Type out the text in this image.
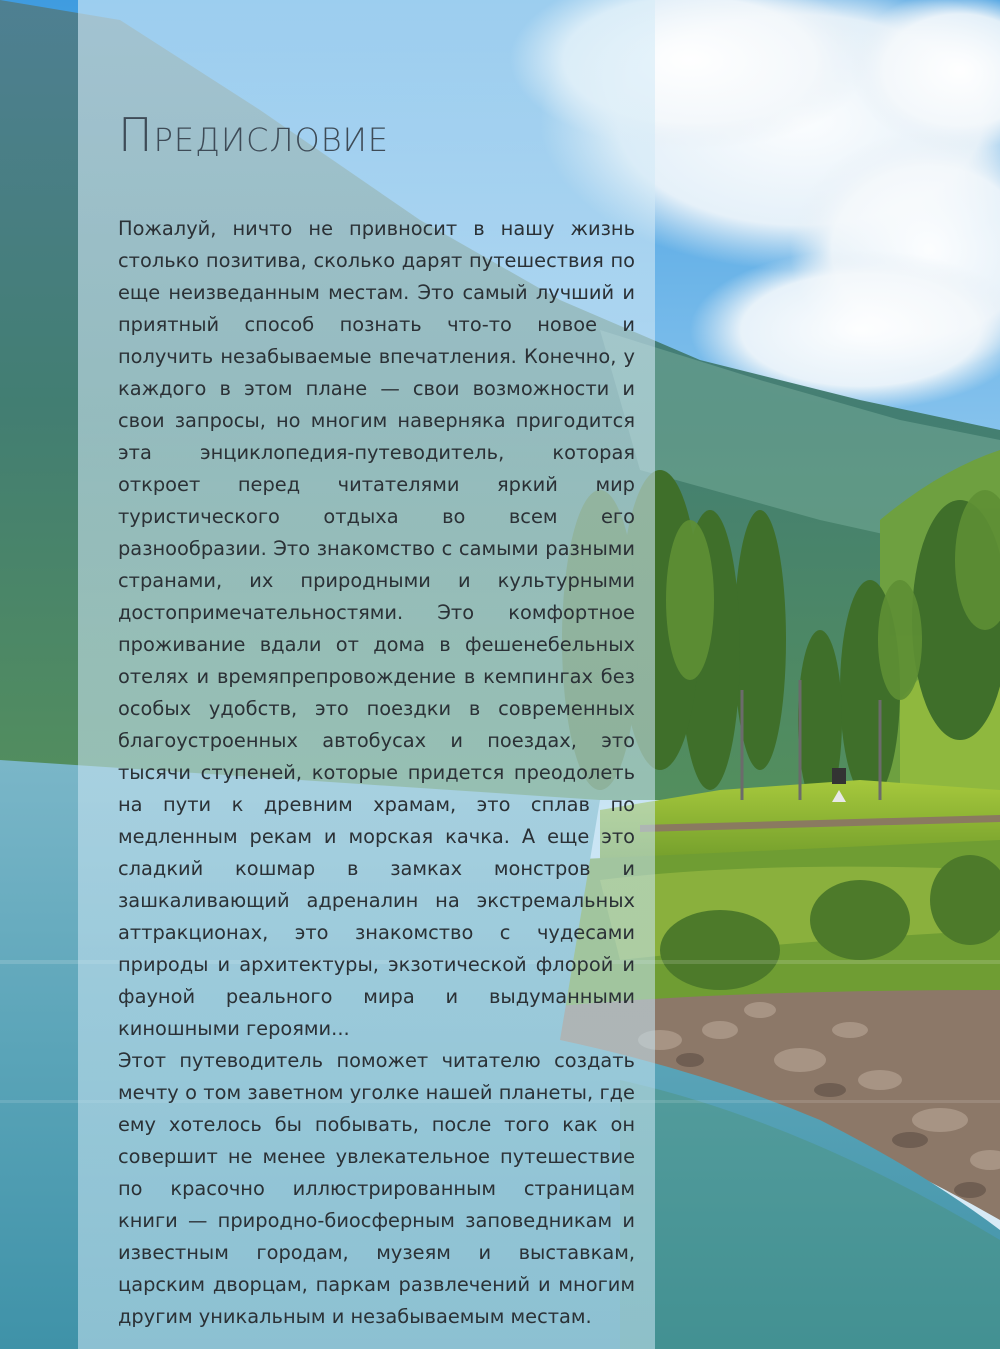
Предисловие

Пожалуй, ничто не привносит в нашу жизнь столько позитива, сколько дарят путешествия по еще неизведанным местам. Это самый лучший и приятный способ познать что-то новое и получить незабываемые впечатления. Конечно, у каждого в этом плане — свои возможности и свои запросы, но многим наверняка пригодится эта энциклопедия-путеводитель, которая откроет перед читателями яркий мир туристического отдыха во всем его разнообразии. Это знакомство с самыми разными странами, их природными и культурными достопримечательностями. Это комфортное проживание вдали от дома в фешенебельных отелях и времяпрепровождение в кемпингах без особых удобств, это поездки в современных благоустроенных автобусах и поездах, это тысячи ступеней, которые придется преодолеть на пути к древним храмам, это сплав по медленным рекам и морская качка. А еще это сладкий кошмар в замках монстров и зашкаливающий адреналин на экстремальных аттракционах, это знакомство с чудесами природы и архитектуры, экзотической флорой и фауной реального мира и выдуманными киношными героями...

Этот путеводитель поможет читателю создать мечту о том заветном уголке нашей планеты, где ему хотелось бы побывать, после того как он совершит не менее увлекательное путешествие по красочно иллюстрированным страницам книги — природно-биосферным заповедникам и известным городам, музеям и выставкам, царским дворцам, паркам развлечений и многим другим уникальным и незабываемым местам.
